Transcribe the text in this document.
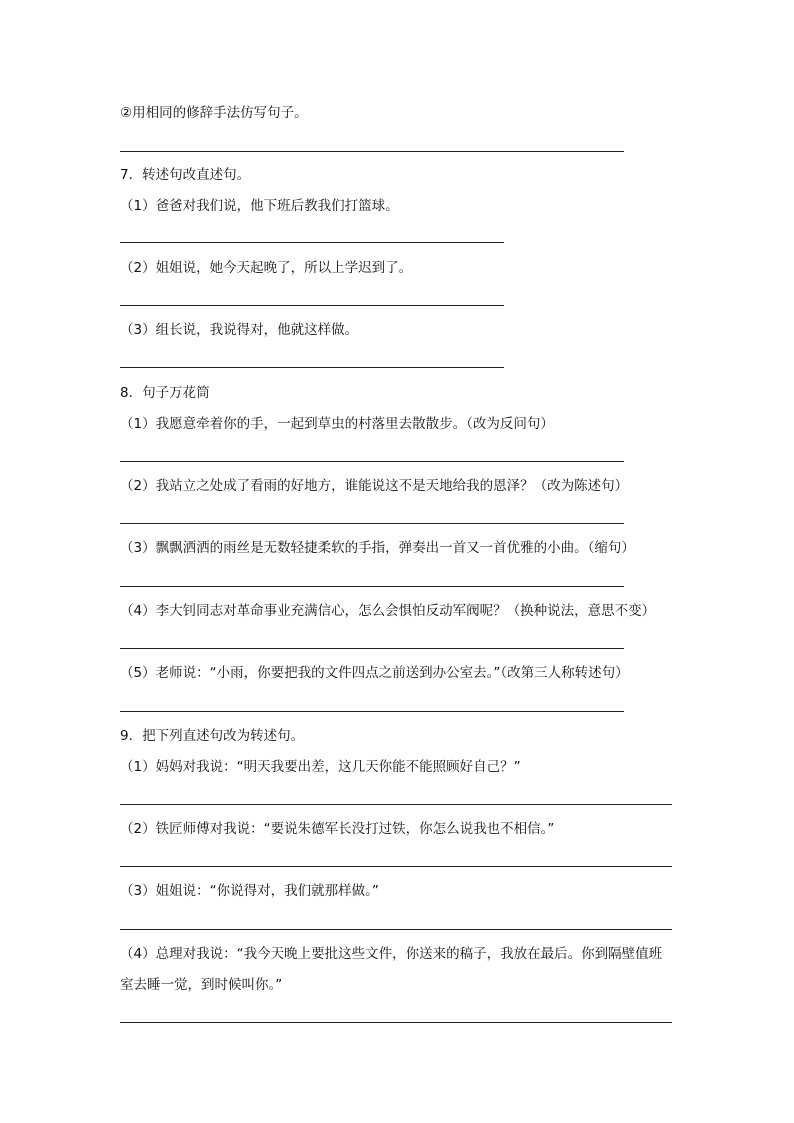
②用相同的修辞手法仿写句子。
7．转述句改直述句。
（1）爸爸对我们说，他下班后教我们打篮球。
（2）姐姐说，她今天起晚了，所以上学迟到了。
（3）组长说，我说得对，他就这样做。
8．句子万花筒
（1）我愿意牵着你的手，一起到草虫的村落里去散散步。（改为反问句）
（2）我站立之处成了看雨的好地方，谁能说这不是天地给我的恩泽？（改为陈述句）
（3）飘飘洒洒的雨丝是无数轻捷柔软的手指，弹奏出一首又一首优雅的小曲。（缩句）
（4）李大钊同志对革命事业充满信心，怎么会惧怕反动军阀呢？（换种说法，意思不变）
（5）老师说：“小雨，你要把我的文件四点之前送到办公室去。”（改第三人称转述句）
9．把下列直述句改为转述句。
（1）妈妈对我说：“明天我要出差，这几天你能不能照顾好自己？”
（2）铁匠师傅对我说：“要说朱德军长没打过铁，你怎么说我也不相信。”
（3）姐姐说：“你说得对，我们就那样做。”
（4）总理对我说：“我今天晚上要批这些文件，你送来的稿子，我放在最后。你到隔壁值班
室去睡一觉，到时候叫你。”
